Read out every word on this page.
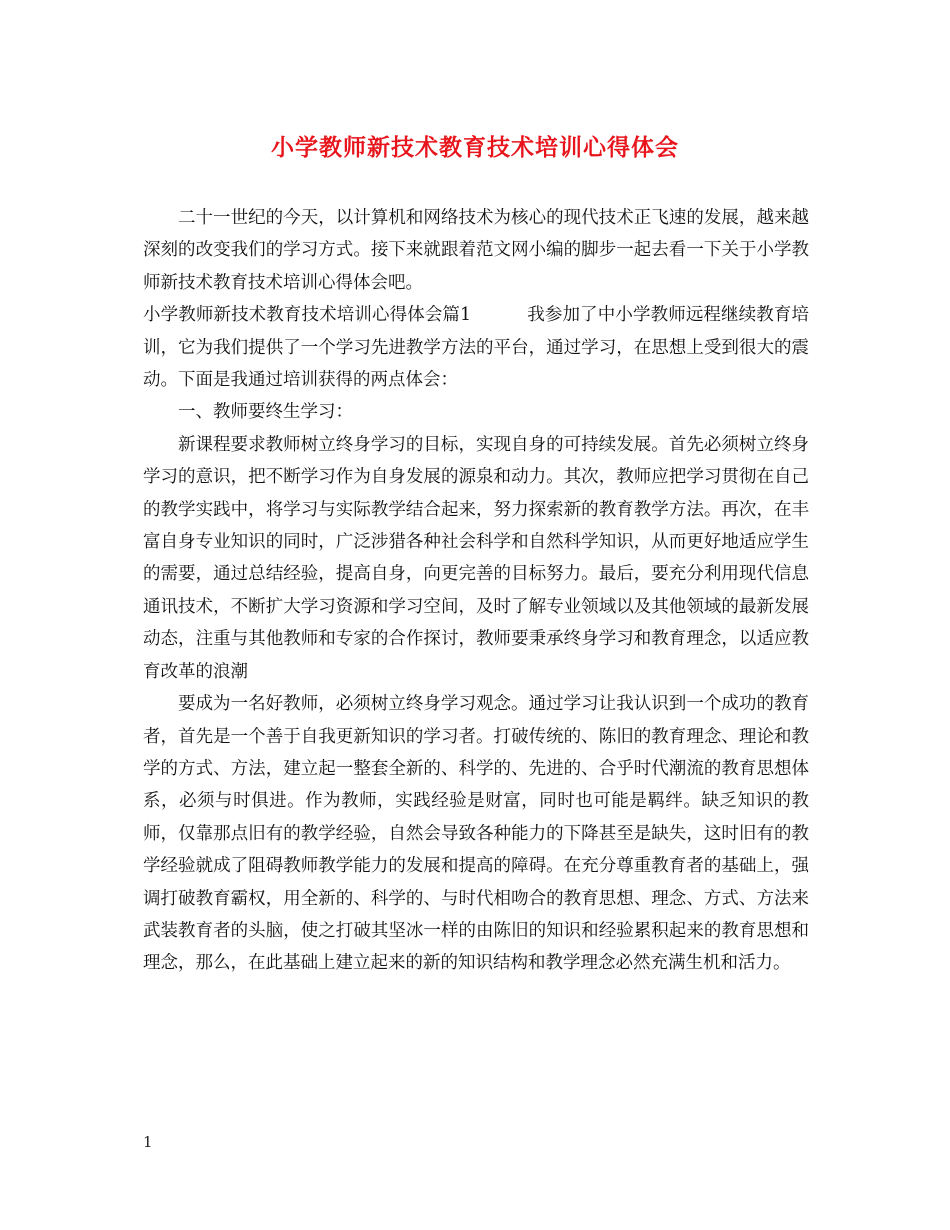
小学教师新技术教育技术培训心得体会

二十一世纪的今天，以计算机和网络技术为核心的现代技术正飞速的发展，越来越深刻的改变我们的学习方式。接下来就跟着范文网小编的脚步一起去看一下关于小学教师新技术教育技术培训心得体会吧。

小学教师新技术教育技术培训心得体会篇1	我参加了中小学教师远程继续教育培训，它为我们提供了一个学习先进教学方法的平台，通过学习，在思想上受到很大的震动。下面是我通过培训获得的两点体会：

一、教师要终生学习：

新课程要求教师树立终身学习的目标，实现自身的可持续发展。首先必须树立终身学习的意识，把不断学习作为自身发展的源泉和动力。其次，教师应把学习贯彻在自己的教学实践中，将学习与实际教学结合起来，努力探索新的教育教学方法。再次，在丰富自身专业知识的同时，广泛涉猎各种社会科学和自然科学知识，从而更好地适应学生的需要，通过总结经验，提高自身，向更完善的目标努力。最后，要充分利用现代信息通讯技术，不断扩大学习资源和学习空间，及时了解专业领域以及其他领域的最新发展动态，注重与其他教师和专家的合作探讨，教师要秉承终身学习和教育理念，以适应教育改革的浪潮

要成为一名好教师，必须树立终身学习观念。通过学习让我认识到一个成功的教育者，首先是一个善于自我更新知识的学习者。打破传统的、陈旧的教育理念、理论和教学的方式、方法，建立起一整套全新的、科学的、先进的、合乎时代潮流的教育思想体系，必须与时俱进。作为教师，实践经验是财富，同时也可能是羁绊。缺乏知识的教师，仅靠那点旧有的教学经验，自然会导致各种能力的下降甚至是缺失，这时旧有的教学经验就成了阻碍教师教学能力的发展和提高的障碍。在充分尊重教育者的基础上，强调打破教育霸权，用全新的、科学的、与时代相吻合的教育思想、理念、方式、方法来武装教育者的头脑，使之打破其坚冰一样的由陈旧的知识和经验累积起来的教育思想和理念，那么，在此基础上建立起来的新的知识结构和教学理念必然充满生机和活力。

1
